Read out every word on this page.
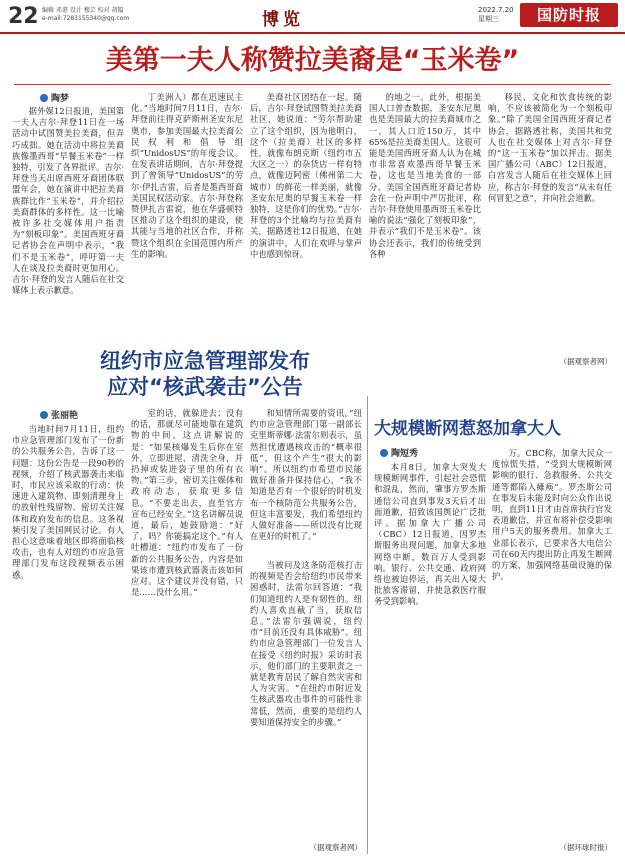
22 编辑 邓谌 设计 穆芸 校对 胡韫
e-mail:7283155340@qq.com	博览	2022.7.20
星期三	国防时报
美第一夫人称赞拉美裔是“玉米卷”
陶梦

据外媒12日报道，美国第一夫人吉尔·拜登11日在一场活动中试图赞美拉美裔，但弄巧成拙。她在活动中将拉美裔族像墨西哥“早餐玉米卷”一样独特，引发了各界批评。吉尔·拜登当天出席西班牙裔团体联盟年会，她在演讲中把拉美裔族群比作“玉米卷”，并介绍拉美裔群体的多样性。这一比喻被许多社交媒体用户指责为“刻板印象”。美国西班牙裔记者协会在声明中表示，“我们不是玉米卷”，呼吁第一夫人在谈及拉美裔时更加用心。吉尔·拜登的发言人随后在社交媒体上表示歉意。

丁美洲人）都在迅速民主化。”当地时间7月11日，吉尔·拜登前往得克萨斯州圣安东尼奥市，参加美国最大拉美裔公民权利和倡导组织“UnidosUS”的年度会议。在发表讲话期间，吉尔·拜登提到了曾领导“UnidosUS”的劳尔·伊扎吉雷，后者是墨西哥裔美国民权活动家。吉尔·拜登称赞伊扎吉雷说，他在华盛顿特区推动了这个组织的建设，使其能与当地的社区合作，并称赞这个组织在全国范围内所产生的影响。

美裔社区团结在一起。随后，吉尔·拜登试图赞美拉美裔社区，她说道：“劳尔帮助建立了这个组织，因为他明白，这个（拉美裔）社区的多样性，就像布朗克斯（纽约市五大区之一）的杂货店一样有特点，就像迈阿密（佛州第二大城市）的鲜花一样美丽，就像圣安东尼奥的早餐玉米卷一样独特，这是你们的优势。”吉尔·拜登的3个比喻均与拉美裔有关，据路透社12日报道，在她的演讲中，人们在欢呼与掌声中也感到惊讶。

的地之一。此外，根据美国人口普查数据，圣安东尼奥也是美国最大的拉美裔城市之一，其人口近150万，其中65%是拉美裔美国人。这很可能是美国西班牙裔人认为在城市非常喜欢墨西哥早餐玉米卷，这也是当地美食的一部分。美国全国西班牙裔记者协会在一份声明中严厉批评，称吉尔·拜登使用墨西哥玉米卷比喻的说法“强化了刻板印象”，并表示“我们不是玉米卷”。该协会还表示，我们的传统受到各种

移民、文化和饮食传统的影响，不应该被简化为一个刻板印象。”除了美国全国西班牙裔记者协会，据路透社称，美国共和党人也在社交媒体上对吉尔·拜登的“这一玉米卷”加以抨击。据美国广播公司（ABC）12日报道，白宫发言人随后在社交媒体上回应，称吉尔·拜登的发言“从未有任何冒犯之意”，并向社会道歉。

（据观察者网）
纽约市应急管理部发布
应对“核武袭击”公告
张丽艳

当地时间7月11日，纽约市应急管理部门发布了一份新的公共服务公告，告诉了这一问题：这份公告是一段90秒的视频，介绍了核武器袭击来临时，市民应该采取的行动：快速进入建筑物、即刻清理身上的放射性残留物、密切关注媒体和政府发布的信息。这条视频引发了美国网民讨论。有人担心这意味着地区即将面临核攻击，也有人对纽约市应急管理部门发布这段视频表示困惑。

室的话，就躲进去；没有的话，那就尽可能地靠在建筑物的中间。这点讲解说的是：“如果核爆发生后你在室外，立即进屋，清洗全身，并扔掉或装进袋子里的所有衣物。”第三步，密切关注媒体和政府动态，获取更多信息。“不要走出去，直至官方宣布已经安全。”这名讲解员说道，最后，她鼓励道：“好了，吗？你能搞定这个。”有人吐槽道：“纽约市发布了一份新的公共服务公告，内容是如果该市遭到核武器袭击该如何应对。这个建议并没有错，只是……没什么用。”

和知情所需要的资讯。”纽约市应急管理部门第一副部长克里斯蒂娜·法雷尔则表示，虽然担忧遭遇核攻击的“概率很低”，但这个产生“很大的影响”。所以纽约市希望市民能做好准备并保持信心，“我不知道是否有一个很好的时机发布一个核防范公共服务公告，但这丰富要发，我们希望纽约人做好准备——所以没有比现在更好的时机了。”

当被问及这条防范核打击的视频是否会给纽约市民带来困惑时，法雷尔回答道：“我们知道纽约人是有韧性的。纽约人喜欢直截了当，获取信息。”法雷尔强调说，纽约市“目前还没有具体威胁”。纽约市应急管理部门一位发言人在接受《纽约时报》采访时表示，他们部门的主要职责之一就是教育居民了解自然灾害和人为灾害。“在纽约市附近发生核武器攻击事件的可能性非常低，然而，重要的是纽约人要知道保持安全的步骤。”

（据观察者网）
大规模断网惹怒加拿大人
陶短秀

本月8日，加拿大突发大规模断网事件，引起社会恐慌和混乱，然而，肇事方罗杰斯通信公司直到事发3天后才出面道歉，招致该国舆论广泛批评。据加拿大广播公司（CBC）12日报道，因罗杰斯服务出现问题，加拿大多地网络中断，数百万人受到影响。银行、公共交通、政府网络也被迫停运，再关出入境大批旅客滞留，并使急救医疗服务受到影响。

万。CBC称，加拿大民众一度惊慌失措，“受到大规模断网影响的银行、急救服务、公共交通等都陷入瘫痪”。罗杰斯公司在事发后未能及时向公众作出说明，直到11日才由首席执行官发表道歉信，并宣布将补偿受影响用户5天的服务费用。加拿大工业部长表示，已要求各大电信公司在60天内提出防止再发生断网的方案，加强网络基础设施的保护。

（据环球时报）
